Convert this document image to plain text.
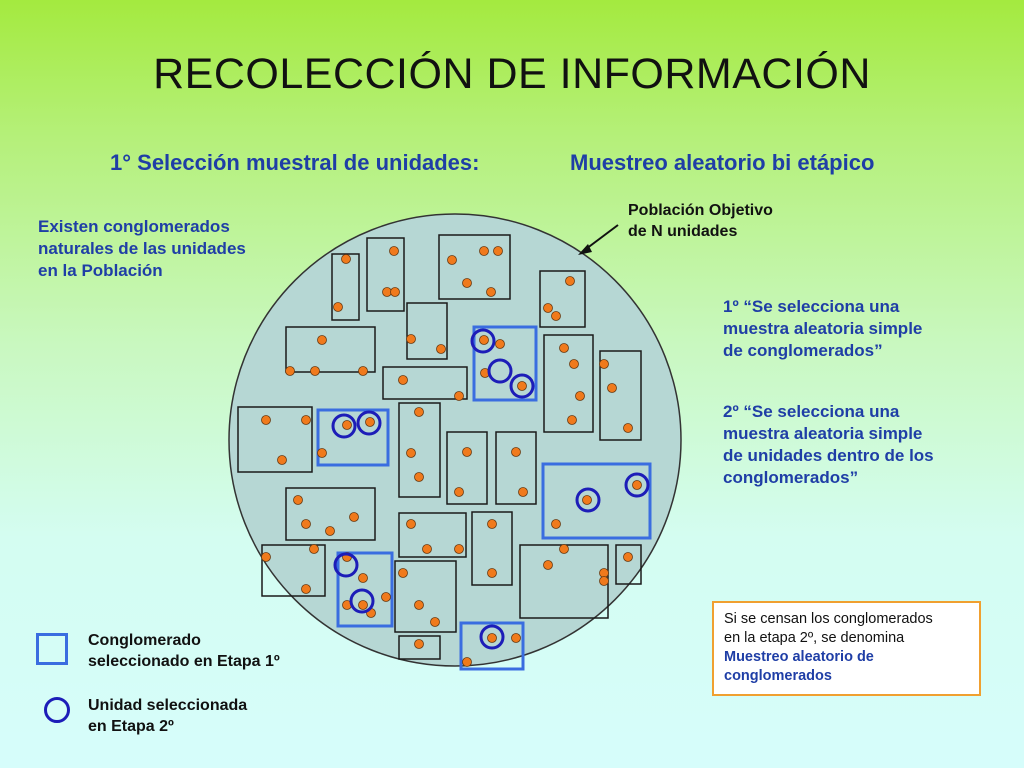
RECOLECCIÓN DE INFORMACIÓN
1° Selección muestral de unidades:	Muestreo aleatorio bi etápico
Existen conglomerados
naturales de las unidades
en la Población
Población Objetivo
de N unidades
1º “Se selecciona una
muestra aleatoria simple
de conglomerados”
2º “Se selecciona una
muestra aleatoria simple
de unidades dentro de los
conglomerados”
Conglomerado
seleccionado en Etapa 1º
Unidad seleccionada
en Etapa 2º
Si se censan los conglomerados
en la etapa 2º, se denomina
Muestreo aleatorio de
conglomerados
